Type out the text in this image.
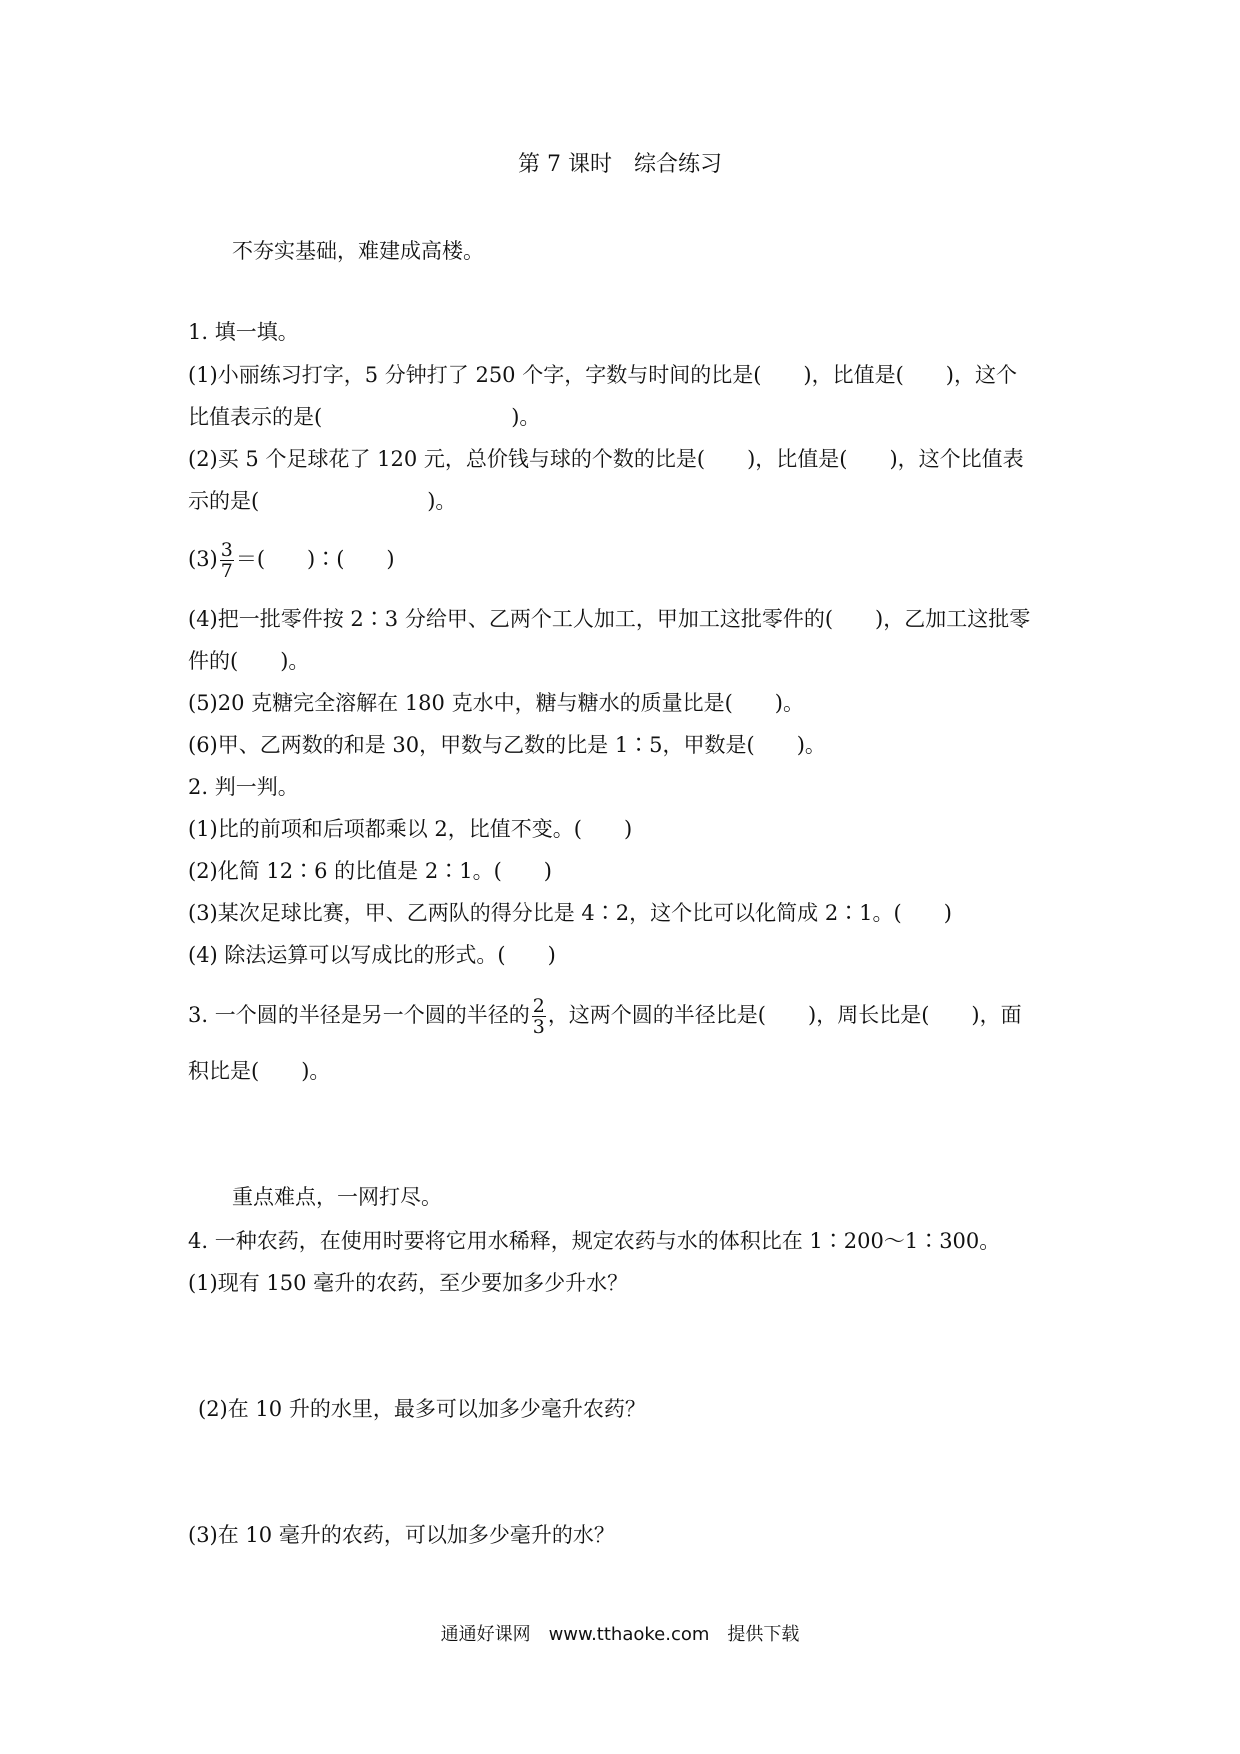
第 7 课时　综合练习
不夯实基础，难建成高楼。
1. 填一填。
(1)小丽练习打字，5 分钟打了 250 个字，字数与时间的比是(　　)，比值是(　　)，这个
比值表示的是(　　　　　　　　　)。
(2)买 5 个足球花了 120 元，总价钱与球的个数的比是(　　)，比值是(　　)，这个比值表
示的是(　　　　　　　　)。
$(3) \frac{3}{7}$ ＝(　　)∶(　　)
(4)把一批零件按 2∶3 分给甲、乙两个工人加工，甲加工这批零件的(　　)，乙加工这批零
件的(　　)。
(5)20 克糖完全溶解在 180 克水中，糖与糖水的质量比是(　　)。
(6)甲、乙两数的和是 30，甲数与乙数的比是 1∶5，甲数是(　　)。
2. 判一判。
(1)比的前项和后项都乘以 2，比值不变。(　　)
(2)化简 12∶6 的比值是 2∶1。(　　)
(3)某次足球比赛，甲、乙两队的得分比是 4∶2，这个比可以化简成 2∶1。(　　)
(4) 除法运算可以写成比的形式。(　　)
3. 一个圆的半径是另一个圆的半径的 $\frac{2}{3}$ ，这两个圆的半径比是(　　)，周长比是(　　)，面
积比是(　　)。
重点难点，一网打尽。
4. 一种农药，在使用时要将它用水稀释，规定农药与水的体积比在 1∶200～1∶300。
(1)现有 150 毫升的农药，至少要加多少升水？
(2)在 10 升的水里，最多可以加多少毫升农药？
(3)在 10 毫升的农药，可以加多少毫升的水？
通通好课网　www.tthaoke.com　提供下载
